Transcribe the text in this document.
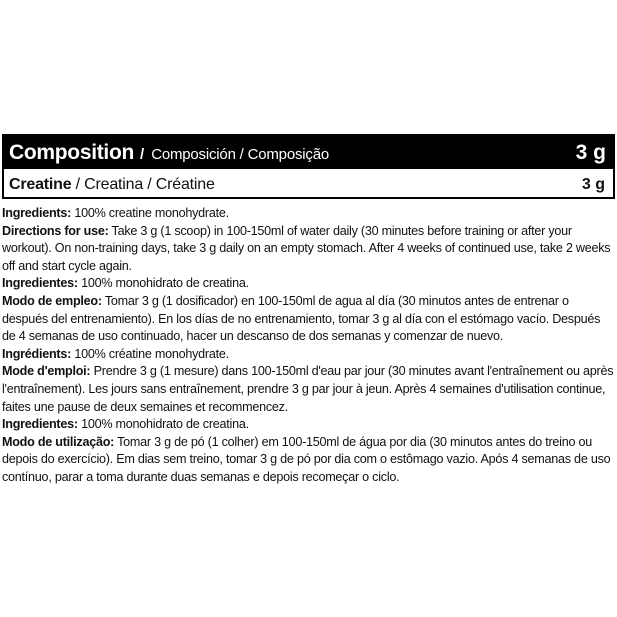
Composition / Composición / Composição	3 g
Creatine / Creatina / Créatine	3 g

Ingredients: 100% creatine monohydrate.

Directions for use: Take 3 g (1 scoop) in 100-150ml of water daily (30 minutes before training or after your workout). On non-training days, take 3 g daily on an empty stomach. After 4 weeks of continued use, take 2 weeks off and start cycle again.

Ingredientes: 100% monohidrato de creatina.

Modo de empleo: Tomar 3 g (1 dosificador) en 100-150ml de agua al día (30 minutos antes de entrenar o después del entrenamiento). En los días de no entrenamiento, tomar 3 g al día con el estómago vacío. Después de 4 semanas de uso continuado, hacer un descanso de dos semanas y comenzar de nuevo.

Ingrédients: 100% créatine monohydrate.

Mode d'emploi: Prendre 3 g (1 mesure) dans 100-150ml d'eau par jour (30 minutes avant l'entraînement ou après l'entraînement). Les jours sans entraînement, prendre 3 g par jour à jeun. Après 4 semaines d'utilisation continue, faites une pause de deux semaines et recommencez.

Ingredientes: 100% monohidrato de creatina.

Modo de utilização: Tomar 3 g de pó (1 colher) em 100-150ml de água por dia (30 minutos antes do treino ou depois do exercício). Em dias sem treino, tomar 3 g de pó por dia com o estômago vazio. Após 4 semanas de uso contínuo, parar a toma durante duas semanas e depois recomeçar o ciclo.
